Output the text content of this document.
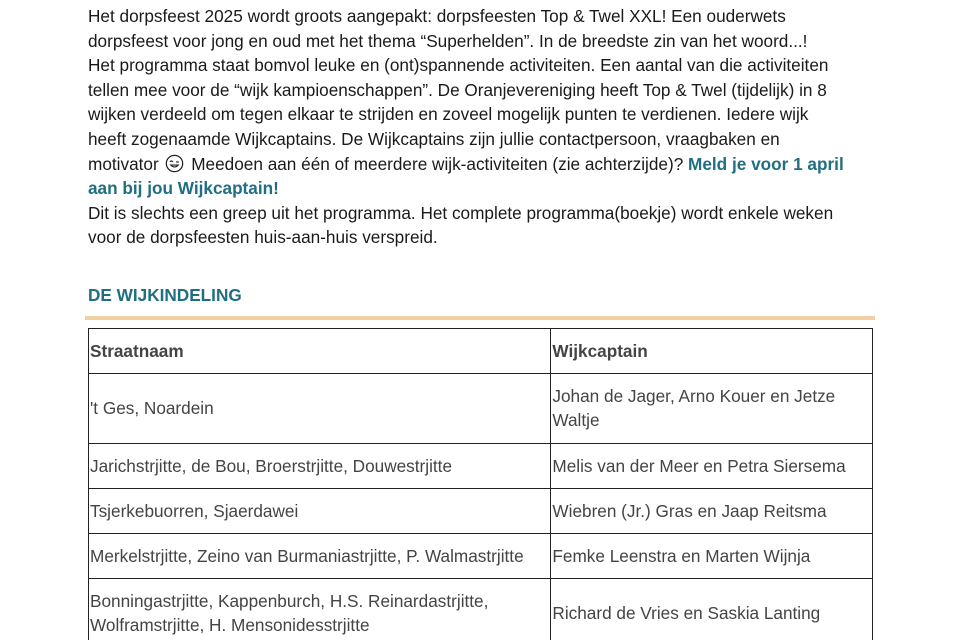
Het dorpsfeest 2025 wordt groots aangepakt: dorpsfeesten Top & Twel XXL! Een ouderwets
dorpsfeest voor jong en oud met het thema “Superhelden”. In de breedste zin van het woord...!
Het programma staat bomvol leuke en (ont)spannende activiteiten. Een aantal van die activiteiten
tellen mee voor de “wijk kampioenschappen”. De Oranjevereniging heeft Top & Twel (tijdelijk) in 8
wijken verdeeld om tegen elkaar te strijden en zoveel mogelijk punten te verdienen. Iedere wijk
heeft zogenaamde Wijkcaptains. De Wijkcaptains zijn jullie contactpersoon, vraagbaken en
motivator  Meedoen aan één of meerdere wijk-activiteiten (zie achterzijde)? Meld je voor 1 april
aan bij jou Wijkcaptain!
Dit is slechts een greep uit het programma. Het complete programma(boekje) wordt enkele weken
voor de dorpsfeesten huis-aan-huis verspreid.

DE WIJKINDELING
Straatnaam	Wijkcaptain
't Ges, Noardein	Johan de Jager, Arno Kouer en Jetze
Waltje
Jarichstrjitte, de Bou, Broerstrjitte, Douwestrjitte	Melis van der Meer en Petra Siersema
Tsjerkebuorren, Sjaerdawei	Wiebren (Jr.) Gras en Jaap Reitsma
Merkelstrjitte, Zeino van Burmaniastrjitte, P. Walmastrjitte	Femke Leenstra en Marten Wijnja
Bonningastrjitte, Kappenburch, H.S. Reinardastrjitte,
Wolframstrjitte, H. Mensonidesstrjitte	Richard de Vries en Saskia Lanting
